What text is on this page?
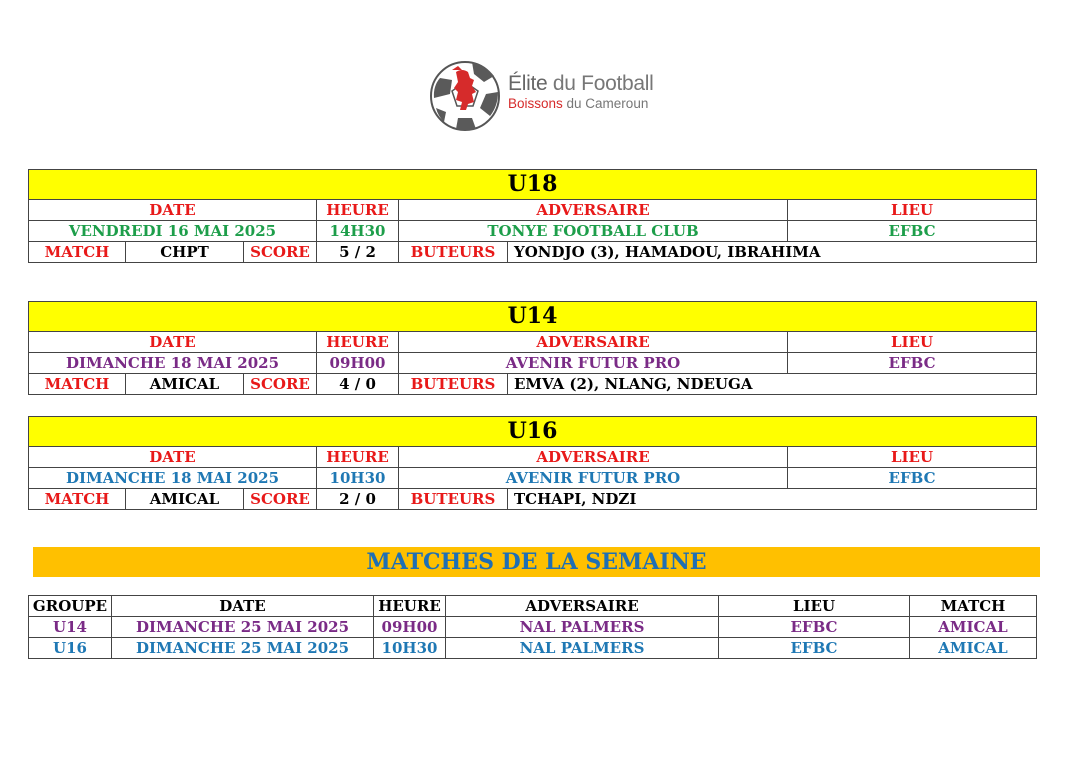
Élite du Football
Boissons du Cameroun
U18						
DATE			HEURE	ADVERSAIRE		LIEU
VENDREDI 16 MAI 2025			14H30	TONYE FOOTBALL CLUB		EFBC
MATCH	CHPT	SCORE	5 / 2	BUTEURS	YONDJO (3), HAMADOU, IBRAHIMA	
U14						
DATE			HEURE	ADVERSAIRE		LIEU
DIMANCHE 18 MAI 2025			09H00	AVENIR FUTUR PRO		EFBC
MATCH	AMICAL	SCORE	4 / 0	BUTEURS	EMVA (2), NLANG, NDEUGA	
U16						
DATE			HEURE	ADVERSAIRE		LIEU
DIMANCHE 18 MAI 2025			10H30	AVENIR FUTUR PRO		EFBC
MATCH	AMICAL	SCORE	2 / 0	BUTEURS	TCHAPI, NDZI	
MATCHES DE LA SEMAINE
GROUPE	DATE	HEURE	ADVERSAIRE	LIEU	MATCH
U14	DIMANCHE 25 MAI 2025	09H00	NAL PALMERS	EFBC	AMICAL
U16	DIMANCHE 25 MAI 2025	10H30	NAL PALMERS	EFBC	AMICAL
